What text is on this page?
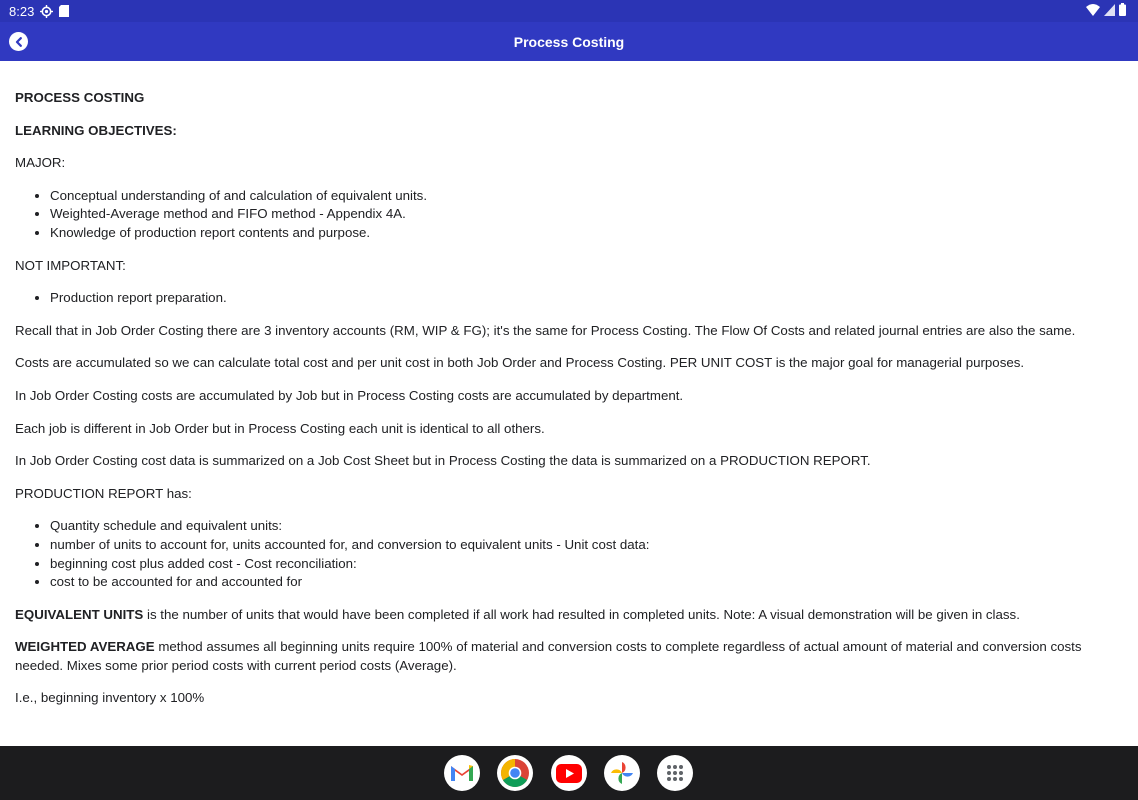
8:23
Process Costing

PROCESS COSTING

LEARNING OBJECTIVES:

MAJOR:

• Conceptual understanding of and calculation of equivalent units.
• Weighted-Average method and FIFO method - Appendix 4A.
• Knowledge of production report contents and purpose.

NOT IMPORTANT:

• Production report preparation.

Recall that in Job Order Costing there are 3 inventory accounts (RM, WIP & FG); it's the same for Process Costing. The Flow Of Costs and related journal entries are also the same.

Costs are accumulated so we can calculate total cost and per unit cost in both Job Order and Process Costing. PER UNIT COST is the major goal for managerial purposes.

In Job Order Costing costs are accumulated by Job but in Process Costing costs are accumulated by department.

Each job is different in Job Order but in Process Costing each unit is identical to all others.

In Job Order Costing cost data is summarized on a Job Cost Sheet but in Process Costing the data is summarized on a PRODUCTION REPORT.

PRODUCTION REPORT has:

• Quantity schedule and equivalent units:
• number of units to account for, units accounted for, and conversion to equivalent units - Unit cost data:
• beginning cost plus added cost - Cost reconciliation:
• cost to be accounted for and accounted for

EQUIVALENT UNITS is the number of units that would have been completed if all work had resulted in completed units. Note: A visual demonstration will be given in class.

WEIGHTED AVERAGE method assumes all beginning units require 100% of material and conversion costs to complete regardless of actual amount of material and conversion costs needed. Mixes some prior period costs with current period costs (Average).

I.e., beginning inventory x 100%
